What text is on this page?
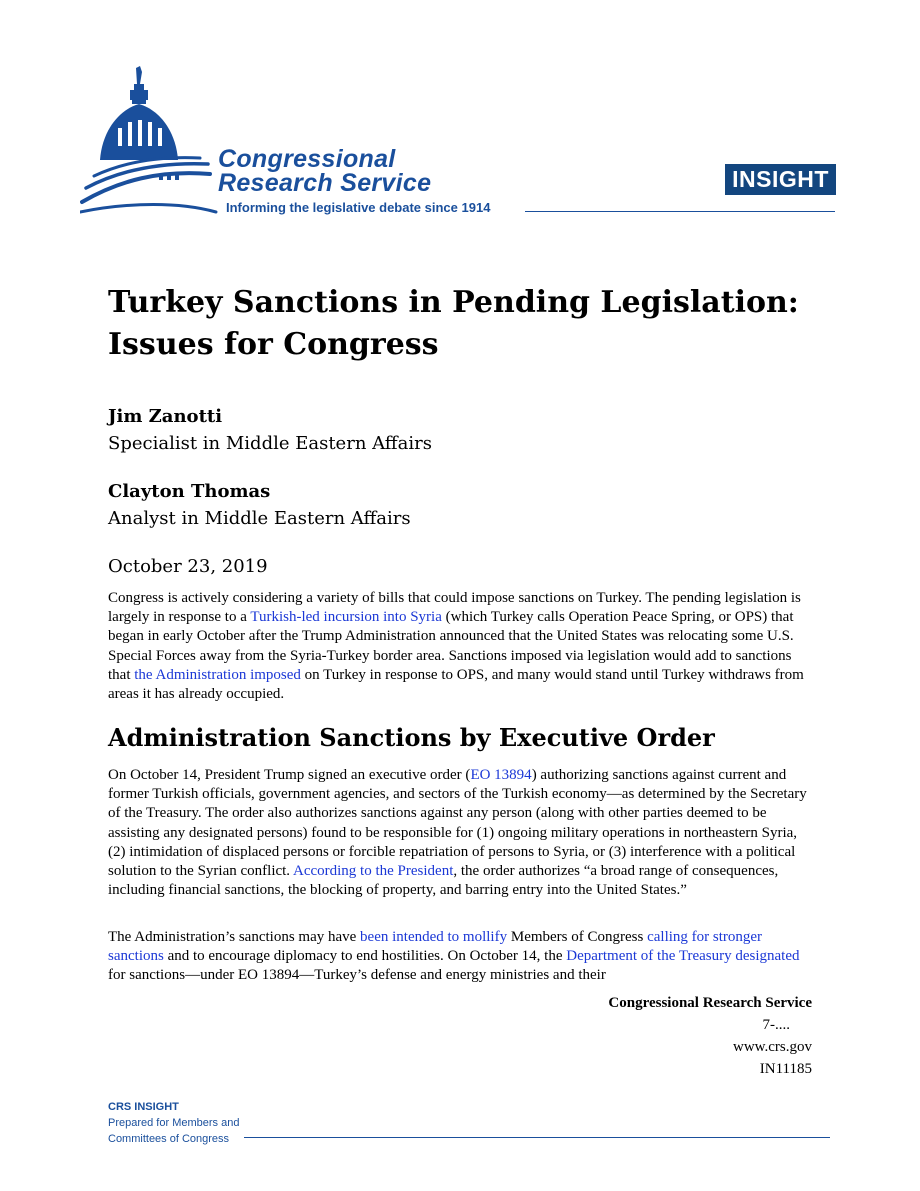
Congressional
Research Service
Informing the legislative debate since 1914
INSIGHT
Turkey Sanctions in Pending Legislation:
Issues for Congress

Jim Zanotti

Specialist in Middle Eastern Affairs

Clayton Thomas

Analyst in Middle Eastern Affairs

October 23, 2019

Congress is actively considering a variety of bills that could impose sanctions on Turkey. The pending legislation is largely in response to a Turkish-led incursion into Syria (which Turkey calls Operation Peace Spring, or OPS) that began in early October after the Trump Administration announced that the United States was relocating some U.S. Special Forces away from the Syria-Turkey border area. Sanctions imposed via legislation would add to sanctions that the Administration imposed on Turkey in response to OPS, and many would stand until Turkey withdraws from areas it has already occupied.

Administration Sanctions by Executive Order

On October 14, President Trump signed an executive order (EO 13894) authorizing sanctions against current and former Turkish officials, government agencies, and sectors of the Turkish economy—as determined by the Secretary of the Treasury. The order also authorizes sanctions against any person (along with other parties deemed to be assisting any designated persons) found to be responsible for (1) ongoing military operations in northeastern Syria, (2) intimidation of displaced persons or forcible repatriation of persons to Syria, or (3) interference with a political solution to the Syrian conflict. According to the President, the order authorizes “a broad range of consequences, including financial sanctions, the blocking of property, and barring entry into the United States.”

The Administration’s sanctions may have been intended to mollify Members of Congress calling for stronger sanctions and to encourage diplomacy to end hostilities. On October 14, the Department of the Treasury designated for sanctions—under EO 13894—Turkey’s defense and energy ministries and their

Congressional Research Service
7-....
www.crs.gov
IN11185
CRS INSIGHT
Prepared for Members and
Committees of Congress
